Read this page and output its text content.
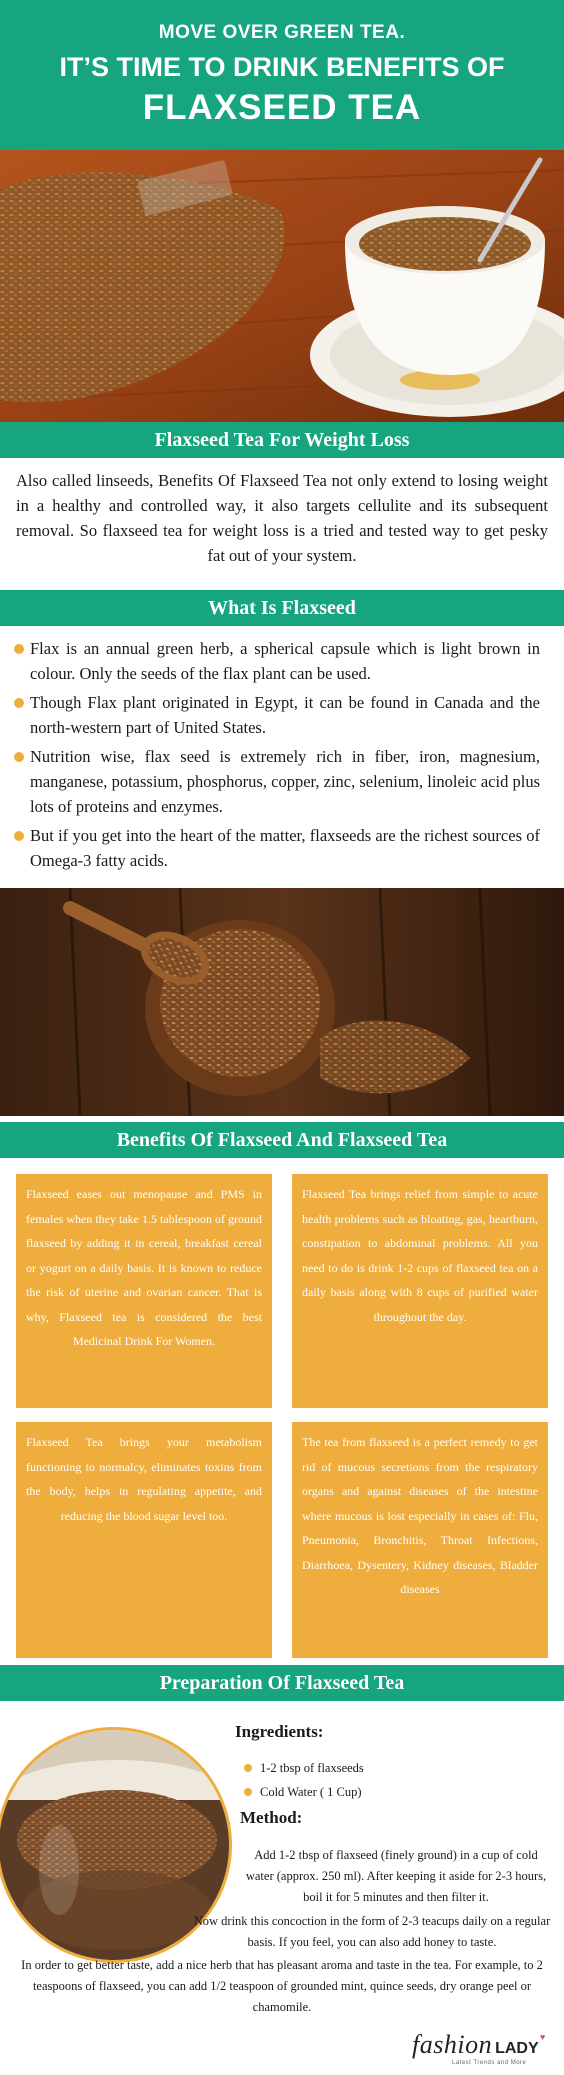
MOVE OVER GREEN TEA.
IT’S TIME TO DRINK BENEFITS OF
FLAXSEED TEA
Flaxseed Tea For Weight Loss

Also called linseeds, Benefits Of Flaxseed Tea not only extend to losing weight in a healthy and controlled way, it also targets cellulite and its subsequent removal. So flaxseed tea for weight loss is a tried and tested way to get pesky fat out of your system.

What Is Flaxseed
Flax is an annual green herb, a spherical capsule which is light brown in colour. Only the seeds of the flax plant can be used.
Though Flax plant originated in Egypt, it can be found in Canada and the north-western part of United States.
Nutrition wise, flax seed is extremely rich in fiber, iron, magnesium, manganese, potassium, phosphorus, copper, zinc, selenium, linoleic acid plus lots of proteins and enzymes.
But if you get into the heart of the matter, flaxseeds are the richest sources of Omega-3 fatty acids.
Benefits Of Flaxseed And Flaxseed Tea
Flaxseed eases out menopause and PMS in females when they take 1.5 tablespoon of ground flaxseed by adding it in cereal, breakfast cereal or yogurt on a daily basis. It is known to reduce the risk of uterine and ovarian cancer. That is why, Flaxseed tea is considered the best Medicinal Drink For Women.
Flaxseed Tea brings relief from simple to acute health problems such as bloating, gas, heartburn, constipation to abdominal problems. All you need to do is drink 1-2 cups of flaxseed tea on a daily basis along with 8 cups of purified water throughout the day.
Flaxseed Tea brings your metabolism functioning to normalcy, eliminates toxins from the body, helps in regulating appetite, and reducing the blood sugar level too.
The tea from flaxseed is a perfect remedy to get rid of mucous secretions from the respiratory organs and against diseases of the intestine where mucous is lost especially in cases of: Flu, Pneumonia, Bronchitis, Throat Infections, Diarrhoea, Dysentery, Kidney diseases, Bladder diseases
Preparation Of Flaxseed Tea
Ingredients:
1-2 tbsp of flaxseeds
Cold Water ( 1 Cup)
Method:

Add 1-2 tbsp of flaxseed (finely ground) in a cup of cold water (approx. 250 ml). After keeping it aside for 2-3 hours, boil it for 5 minutes and then filter it.

Now drink this concoction in the form of 2-3 teacups daily on a regular basis. If you feel, you can also add honey to taste.

In order to get better taste, add a nice herb that has pleasant aroma and taste in the tea. For example, to 2 teaspoons of flaxseed, you can add 1/2 teaspoon of grounded mint, quince seeds, dry orange peel or chamomile.

fashion LADY
♥
Latest Trends and More
